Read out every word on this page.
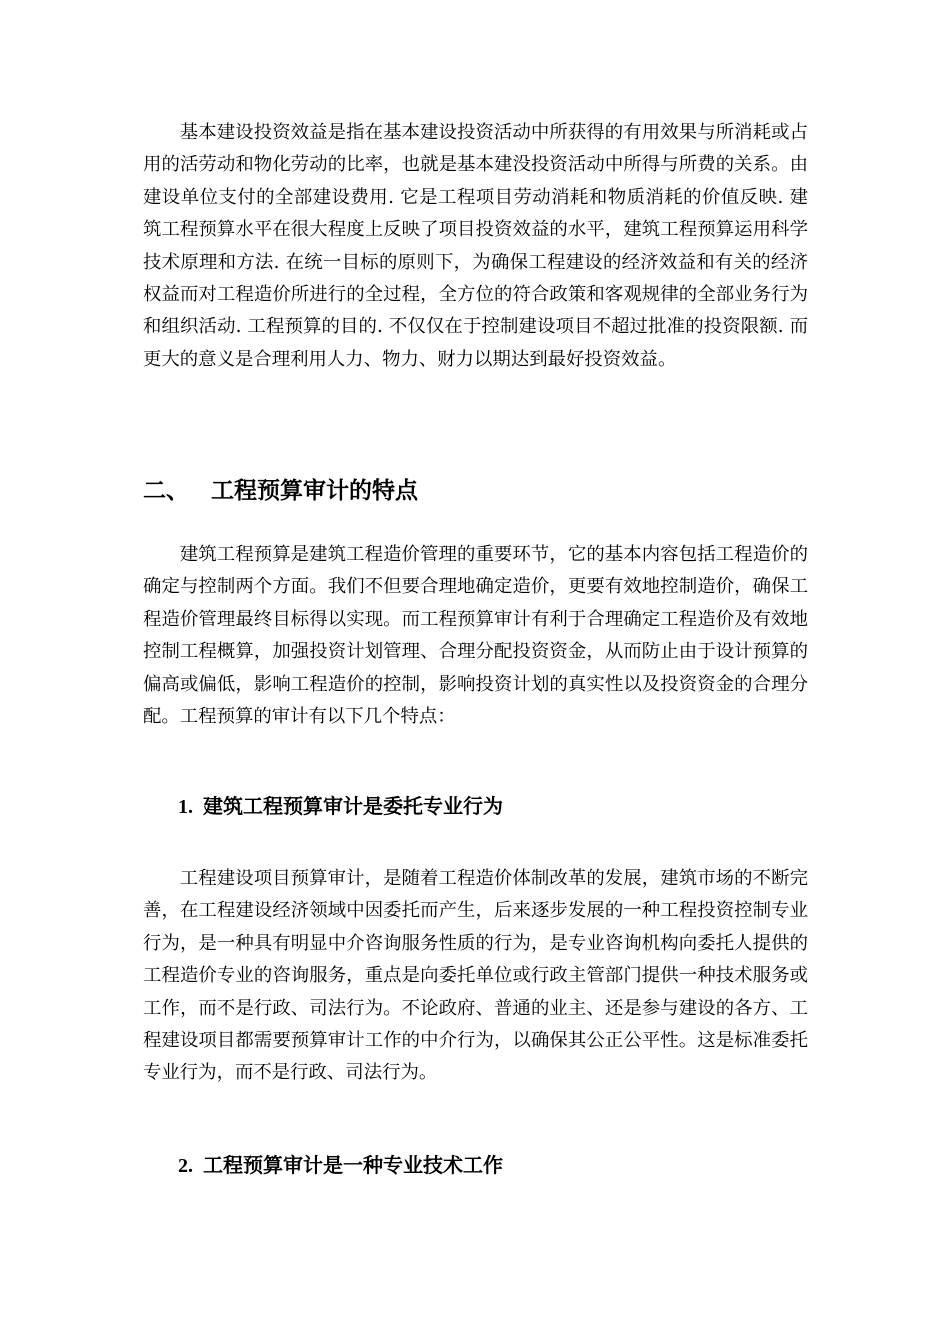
基本建设投资效益是指在基本建设投资活动中所获得的有用效果与所消耗或占用的活劳动和物化劳动的比率，也就是基本建没投资活动中所得与所费的关系。由建设单位支付的全部建设费用. 它是工程项目劳动消耗和物质消耗的价值反映. 建筑工程预算水平在很大程度上反映了项目投资效益的水平，建筑工程预算运用科学技术原理和方法. 在统一目标的原则下，为确保工程建设的经济效益和有关的经济权益而对工程造价所进行的全过程，全方位的符合政策和客观规律的全部业务行为和组织活动. 工程预算的目的. 不仅仅在于控制建设项目不超过批准的投资限额. 而更大的意义是合理利用人力、物力、财力以期达到最好投资效益。

二、 工程预算审计的特点

建筑工程预算是建筑工程造价管理的重要环节，它的基本内容包括工程造价的确定与控制两个方面。我们不但要合理地确定造价，更要有效地控制造价，确保工程造价管理最终目标得以实现。而工程预算审计有利于合理确定工程造价及有效地控制工程概算，加强投资计划管理、合理分配投资资金，从而防止由于设计预算的偏高或偏低，影响工程造价的控制，影响投资计划的真实性以及投资资金的合理分配。工程预算的审计有以下几个特点：

1. 建筑工程预算审计是委托专业行为

工程建设项目预算审计，是随着工程造价体制改革的发展，建筑市场的不断完善，在工程建设经济领域中因委托而产生，后来逐步发展的一种工程投资控制专业行为，是一种具有明显中介咨询服务性质的行为，是专业咨询机构向委托人提供的工程造价专业的咨询服务，重点是向委托单位或行政主管部门提供一种技术服务或工作，而不是行政、司法行为。不论政府、普通的业主、还是参与建设的各方、工程建设项目都需要预算审计工作的中介行为，以确保其公正公平性。这是标准委托专业行为，而不是行政、司法行为。

2. 工程预算审计是一种专业技术工作
